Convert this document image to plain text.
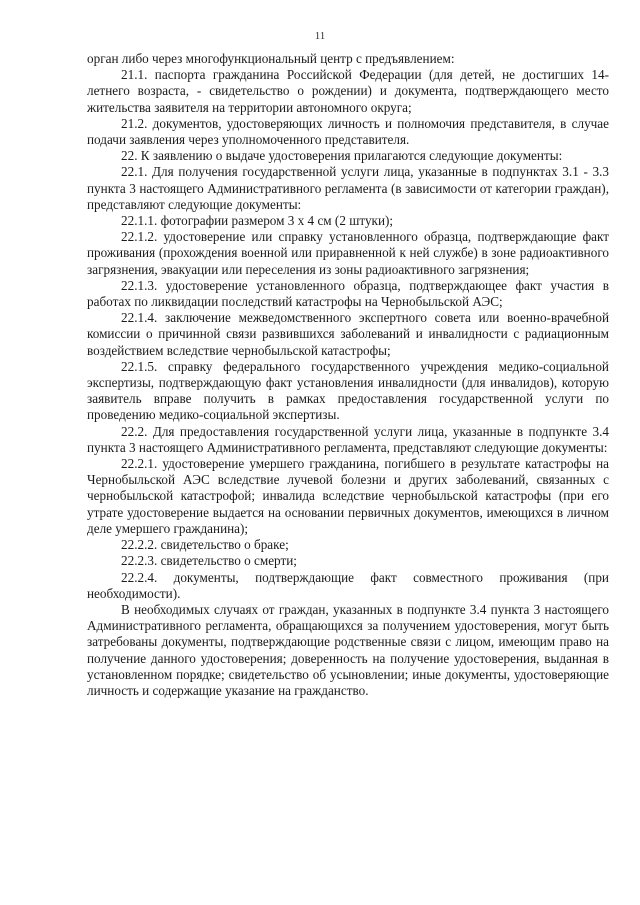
11

орган либо через многофункциональный центр с предъявлением:

21.1. паспорта гражданина Российской Федерации (для детей, не достигших 14-летнего возраста, - свидетельство о рождении) и документа, подтверждающего место жительства заявителя на территории автономного округа;

21.2. документов, удостоверяющих личность и полномочия представителя, в случае подачи заявления через уполномоченного представителя.

22. К заявлению о выдаче удостоверения прилагаются следующие документы:

22.1. Для получения государственной услуги лица, указанные в подпунктах 3.1 - 3.3 пункта 3 настоящего Административного регламента (в зависимости от категории граждан), представляют следующие документы:

22.1.1. фотографии размером 3 х 4 см (2 штуки);

22.1.2. удостоверение или справку установленного образца, подтверждающие факт проживания (прохождения военной или приравненной к ней службе) в зоне радиоактивного загрязнения, эвакуации или переселения из зоны радиоактивного загрязнения;

22.1.3. удостоверение установленного образца, подтверждающее факт участия в работах по ликвидации последствий катастрофы на Чернобыльской АЭС;

22.1.4. заключение межведомственного экспертного совета или военно-врачебной комиссии о причинной связи развившихся заболеваний и инвалидности с радиационным воздействием вследствие чернобыльской катастрофы;

22.1.5. справку федерального государственного учреждения медико-социальной экспертизы, подтверждающую факт установления инвалидности (для инвалидов), которую заявитель вправе получить в рамках предоставления государственной услуги по проведению медико-социальной экспертизы.

22.2. Для предоставления государственной услуги лица, указанные в подпункте 3.4 пункта 3 настоящего Административного регламента, представляют следующие документы:

22.2.1. удостоверение умершего гражданина, погибшего в результате катастрофы на Чернобыльской АЭС вследствие лучевой болезни и других заболеваний, связанных с чернобыльской катастрофой; инвалида вследствие чернобыльской катастрофы (при его утрате удостоверение выдается на основании первичных документов, имеющихся в личном деле умершего гражданина);

22.2.2. свидетельство о браке;

22.2.3. свидетельство о смерти;

22.2.4. документы, подтверждающие факт совместного проживания (при необходимости).

В необходимых случаях от граждан, указанных в подпункте 3.4 пункта 3 настоящего Административного регламента, обращающихся за получением удостоверения, могут быть затребованы документы, подтверждающие родственные связи с лицом, имеющим право на получение данного удостоверения; доверенность на получение удостоверения, выданная в установленном порядке; свидетельство об усыновлении; иные документы, удостоверяющие личность и содержащие указание на гражданство.
